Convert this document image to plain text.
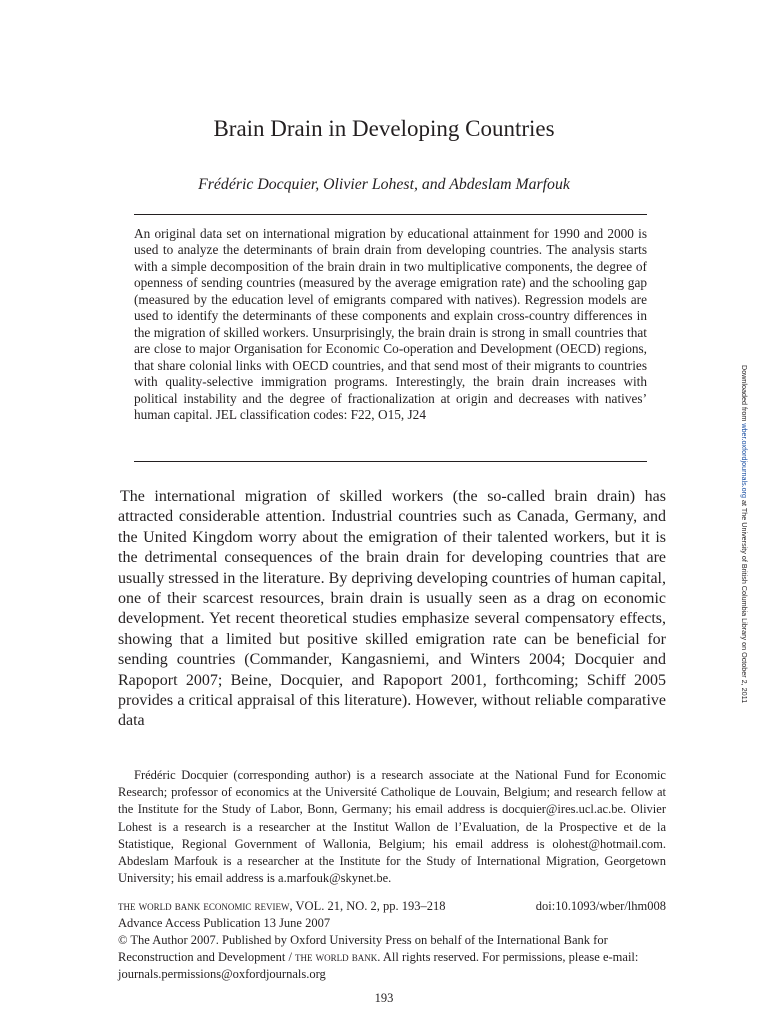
Brain Drain in Developing Countries
Frédéric Docquier, Olivier Lohest, and Abdeslam Marfouk

An original data set on international migration by educational attainment for 1990 and 2000 is used to analyze the determinants of brain drain from developing countries. The analysis starts with a simple decomposition of the brain drain in two multiplicative components, the degree of openness of sending countries (measured by the average emigration rate) and the schooling gap (measured by the education level of emigrants compared with natives). Regression models are used to identify the determinants of these components and explain cross-country differences in the migration of skilled workers. Unsurprisingly, the brain drain is strong in small countries that are close to major Organisation for Economic Co-operation and Development (OECD) regions, that share colonial links with OECD countries, and that send most of their migrants to countries with quality-selective immigration programs. Interestingly, the brain drain increases with political instability and the degree of fractionalization at origin and decreases with natives’ human capital. JEL classification codes: F22, O15, J24

The international migration of skilled workers (the so-called brain drain) has attracted considerable attention. Industrial countries such as Canada, Germany, and the United Kingdom worry about the emigration of their talented workers, but it is the detrimental consequences of the brain drain for developing countries that are usually stressed in the literature. By depriving developing countries of human capital, one of their scarcest resources, brain drain is usually seen as a drag on economic development. Yet recent theoretical studies emphasize several compensatory effects, showing that a limited but positive skilled emigration rate can be beneficial for sending countries (Commander, Kangasniemi, and Winters 2004; Docquier and Rapoport 2007; Beine, Docquier, and Rapoport 2001, forthcoming; Schiff 2005 provides a critical appraisal of this literature). However, without reliable comparative data

Frédéric Docquier (corresponding author) is a research associate at the National Fund for Economic Research; professor of economics at the Université Catholique de Louvain, Belgium; and research fellow at the Institute for the Study of Labor, Bonn, Germany; his email address is docquier@ires.ucl.ac.be. Olivier Lohest is a research is a researcher at the Institut Wallon de l’Evaluation, de la Prospective et de la Statistique, Regional Government of Wallonia, Belgium; his email address is olohest@hotmail.com. Abdeslam Marfouk is a researcher at the Institute for the Study of International Migration, Georgetown University; his email address is a.marfouk@skynet.be.

the world bank economic review, VOL. 21, NO. 2, pp. 193–218	doi:10.1093/wber/lhm008
Advance Access Publication 13 June 2007
© The Author 2007. Published by Oxford University Press on behalf of the International Bank for Reconstruction and Development / the world bank. All rights reserved. For permissions, please e-mail: journals.permissions@oxfordjournals.org
193
Downloaded from wber.oxfordjournals.org at The University of British Columbia Library on October 2, 2011
